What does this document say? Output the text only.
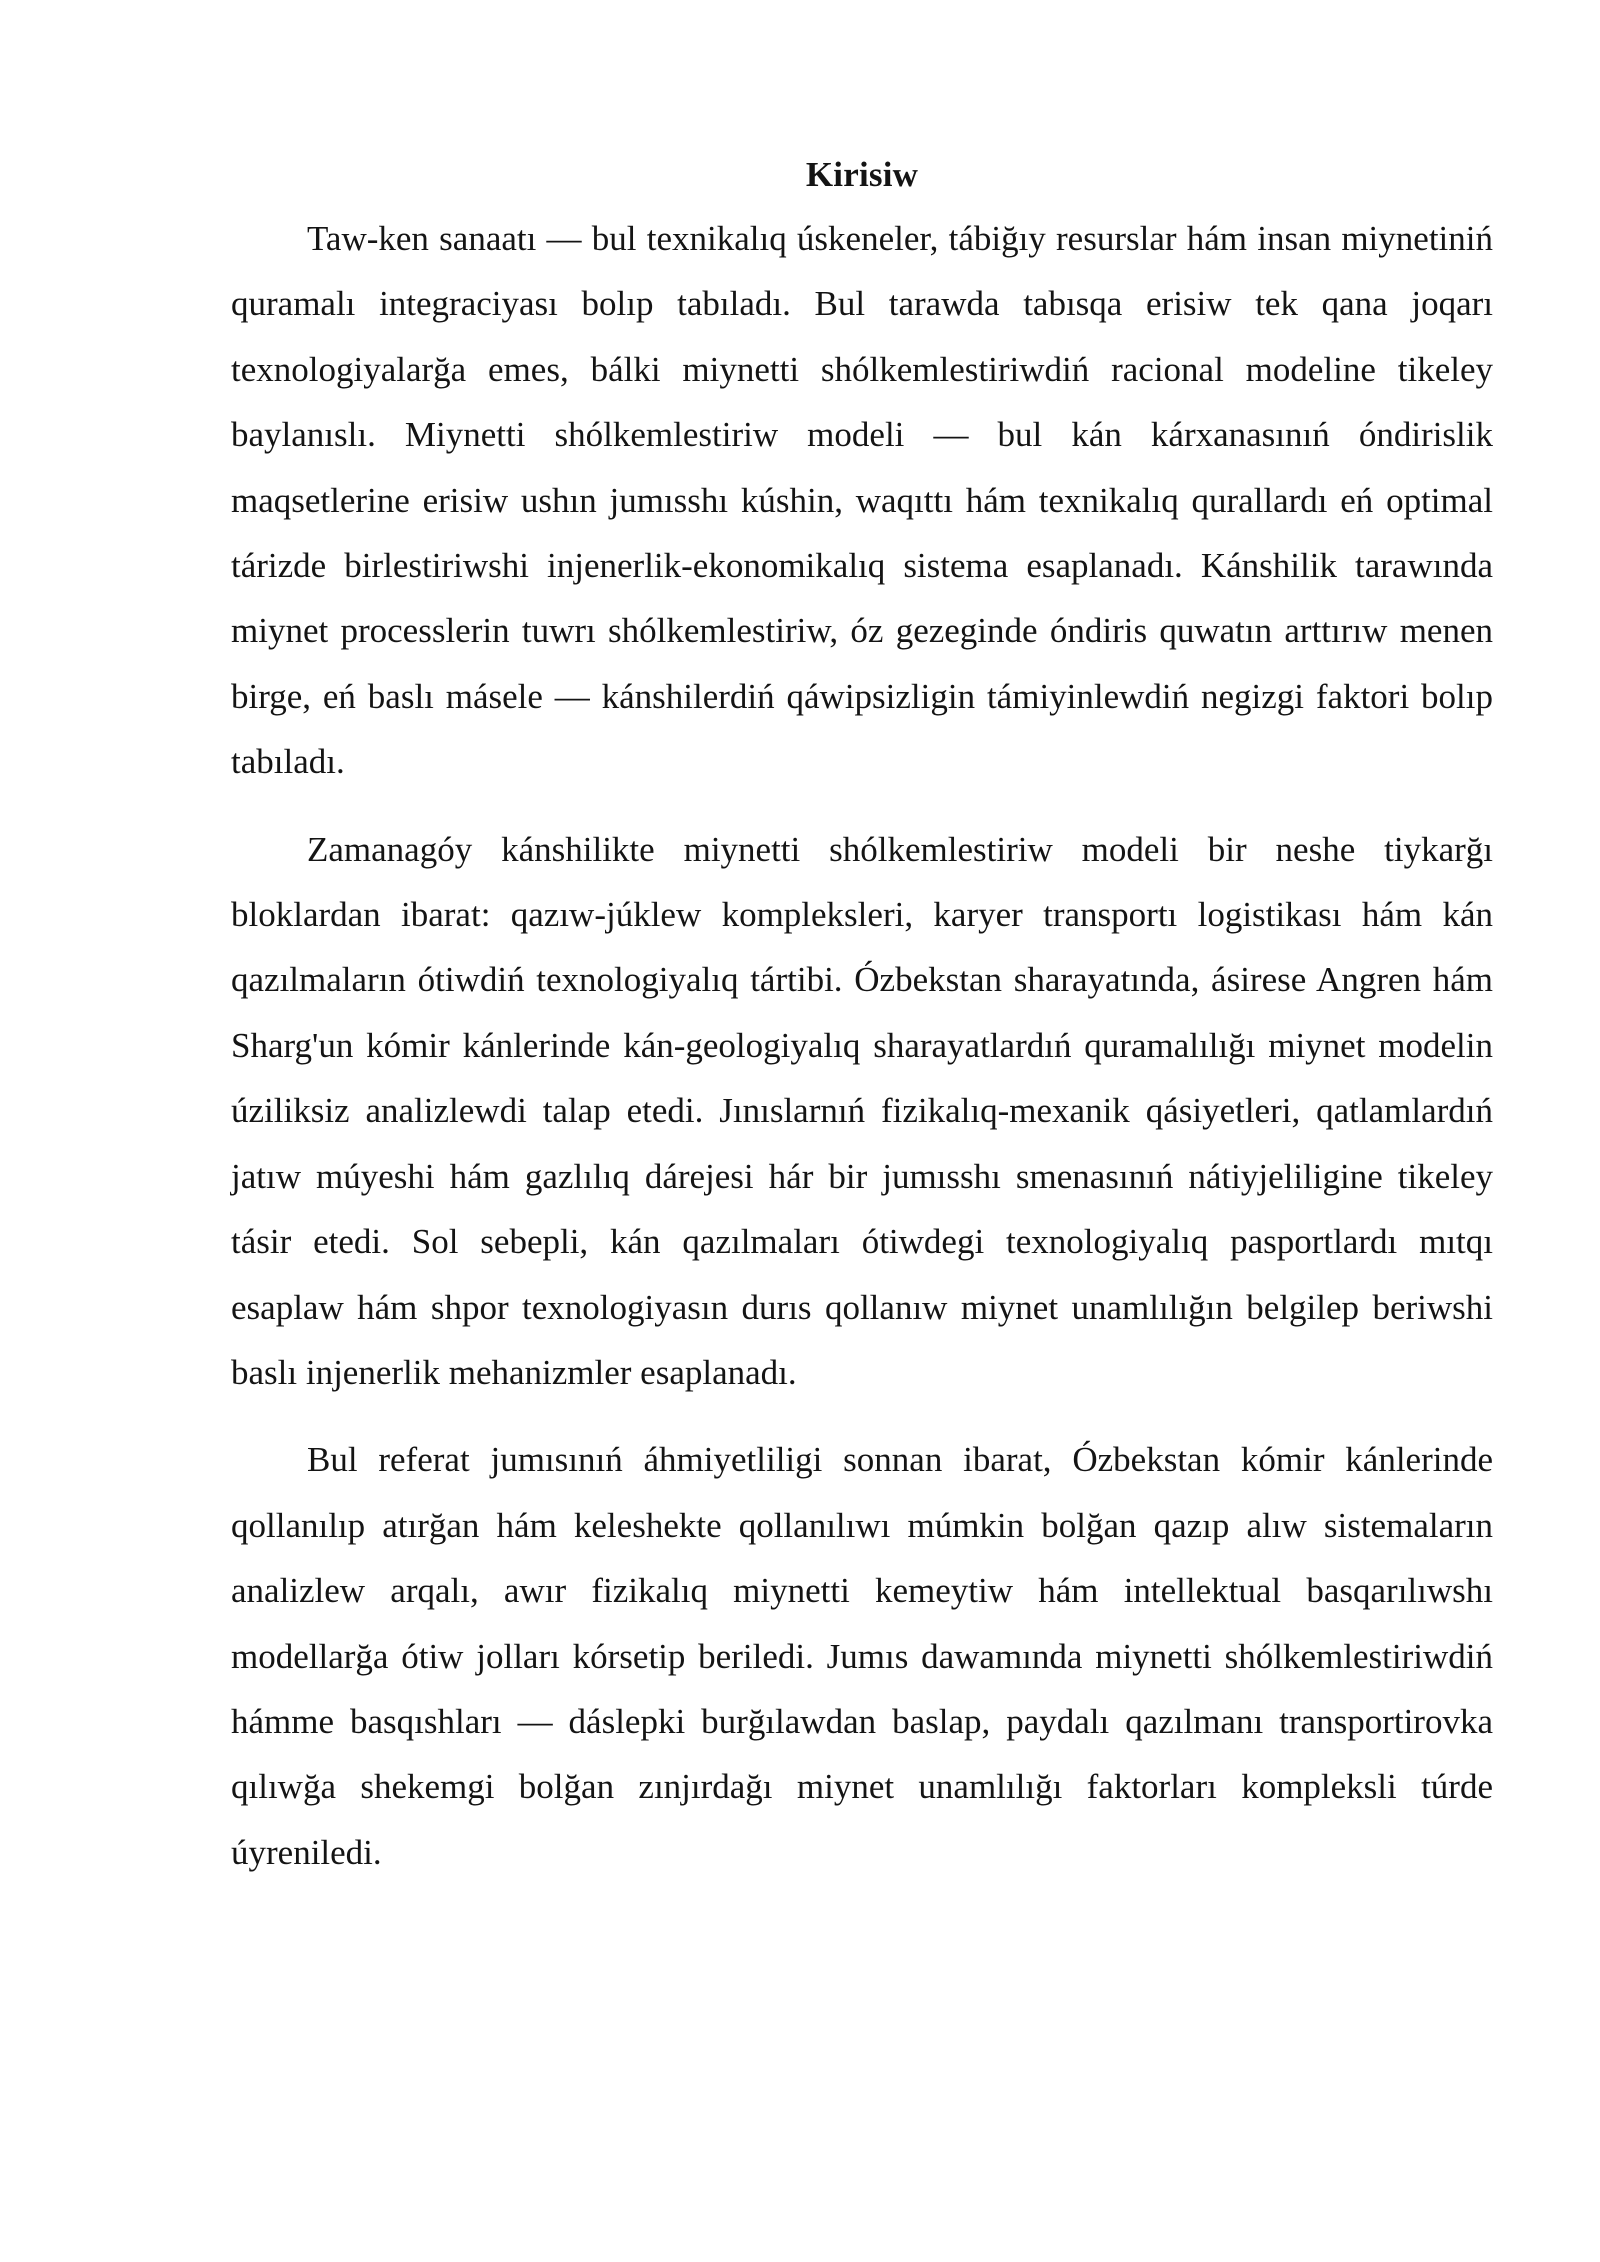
Kirisiw

Taw-ken sanaatı — bul texnikalıq úskeneler, tábiğıy resurslar hám insan miynetiniń quramalı integraciyası bolıp tabıladı. Bul tarawda tabısqa erisiw tek qana joqarı texnologiyalarğa emes, bálki miynetti shólkemlestiriwdiń racional modeline tikeley baylanıslı. Miynetti shólkemlestiriw modeli — bul kán kárxanasınıń óndirislik maqsetlerine erisiw ushın jumısshı kúshin, waqıttı hám texnikalıq qurallardı eń optimal tárizde birlestiriwshi injenerlik-ekonomikalıq sistema esaplanadı. Kánshilik tarawında miynet processlerin tuwrı shólkemlestiriw, óz gezeginde óndiris quwatın arttırıw menen birge, eń baslı másele — kánshilerdiń qáwipsizligin támiyinlewdiń negizgi faktori bolıp tabıladı.

Zamanagóy kánshilikte miynetti shólkemlestiriw modeli bir neshe tiykarğı bloklardan ibarat: qazıw-júklew kompleksleri, karyer transportı logistikası hám kán qazılmaların ótiwdiń texnologiyalıq tártibi. Ózbekstan sharayatında, ásirese Angren hám Sharg'un kómir kánlerinde kán-geologiyalıq sharayatlardıń quramalılığı miynet modelin úziliksiz analizlewdi talap etedi. Jınıslarnıń fizikalıq-mexanik qásiyetleri, qatlamlardıń jatıw múyeshi hám gazlılıq dárejesi hár bir jumısshı smenasınıń nátiyjeliligine tikeley tásir etedi. Sol sebepli, kán qazılmaları ótiwdegi texnologiyalıq pasportlardı mıtqı esaplaw hám shpor texnologiyasın durıs qollanıw miynet unamlılığın belgilep beriwshi baslı injenerlik mehanizmler esaplanadı.

Bul referat jumısınıń áhmiyetliligi sonnan ibarat, Ózbekstan kómir kánlerinde qollanılıp atırğan hám keleshekte qollanılıwı múmkin bolğan qazıp alıw sistemaların analizlew arqalı, awır fizikalıq miynetti kemeytiw hám intellektual basqarılıwshı modellarğa ótiw jolları kórsetip beriledi. Jumıs dawamında miynetti shólkemlestiriwdiń hámme basqıshları — dáslepki burğılawdan baslap, paydalı qazılmanı transportirovka qılıwğa shekemgi bolğan zınjırdağı miynet unamlılığı faktorları kompleksli túrde úyreniledi.
